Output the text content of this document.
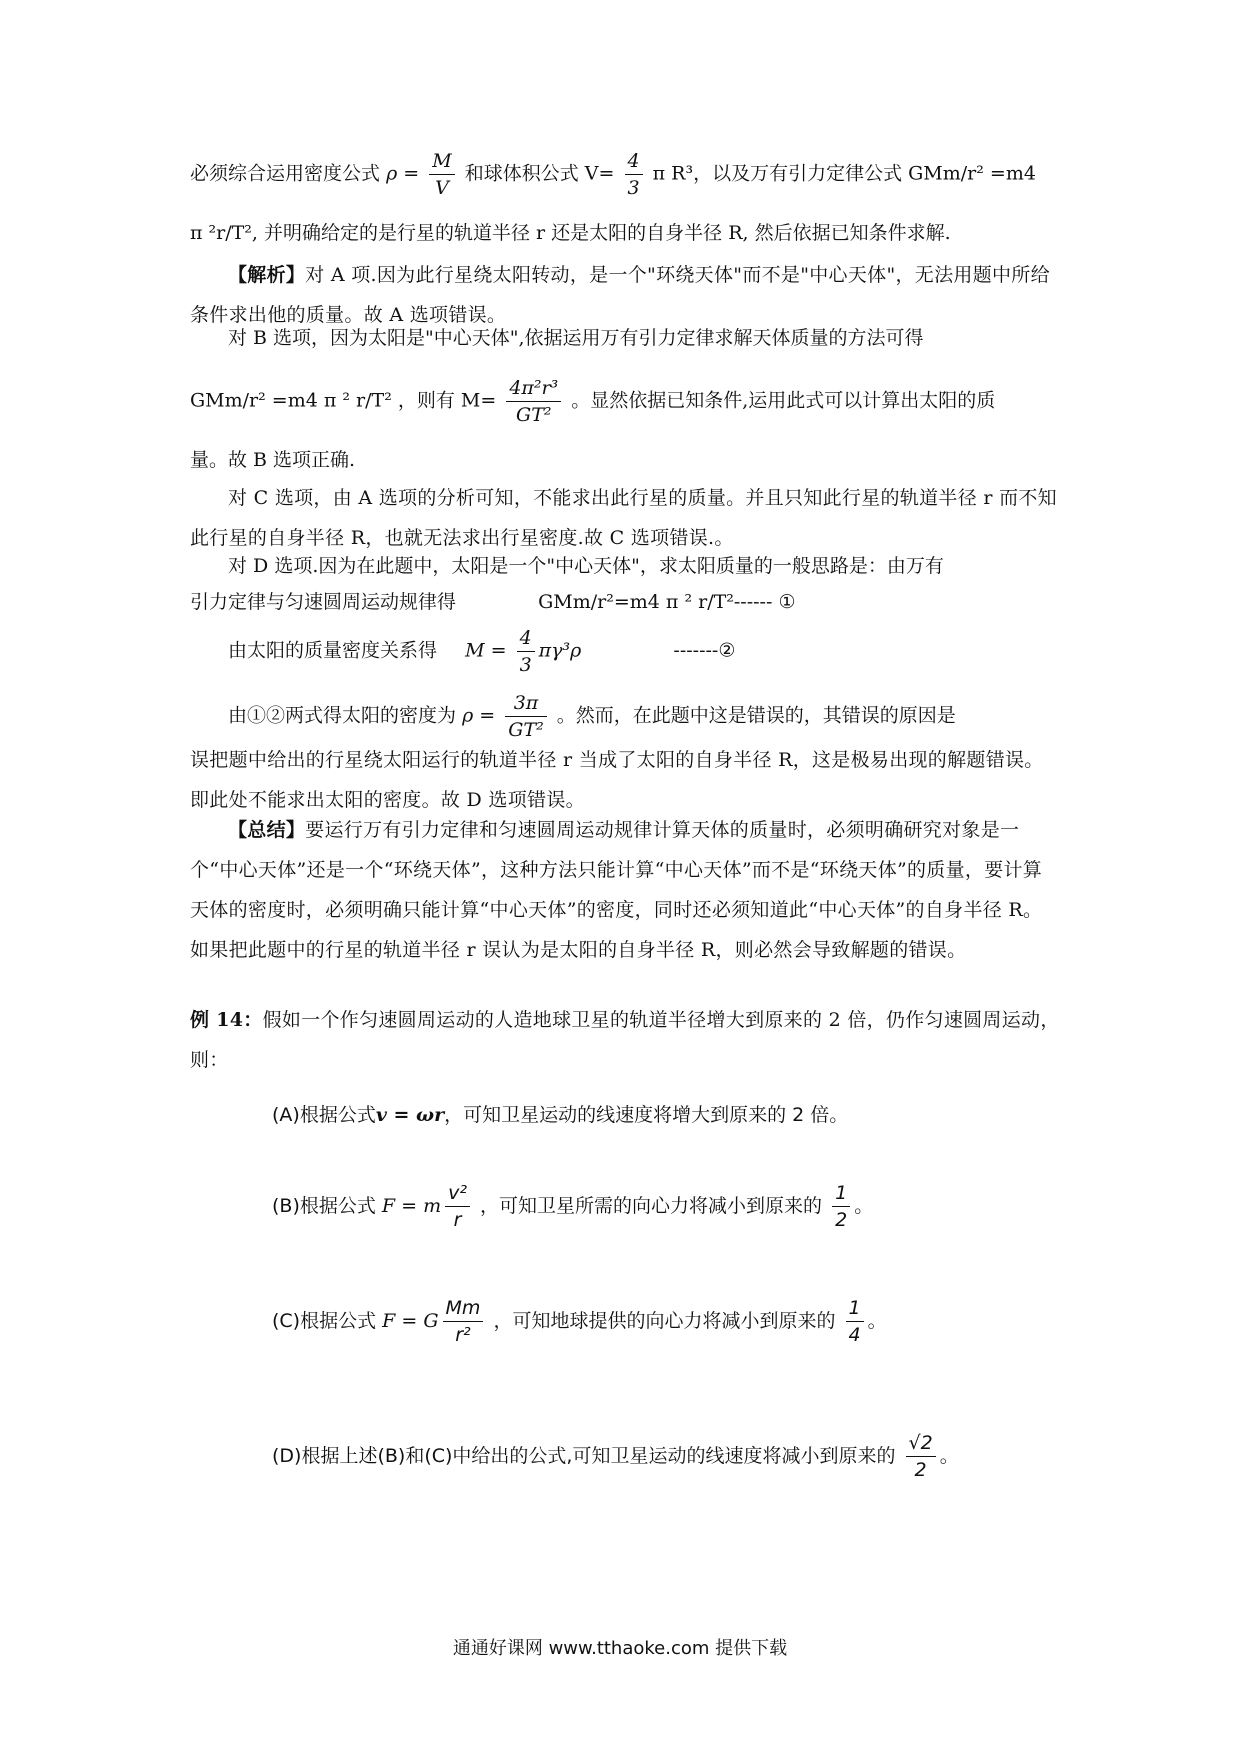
必须综合运用密度公式 $\rho = \frac{M}{V}$ 和球体积公式 $V= \frac{4}{3}$ π R³，以及万有引力定律公式 GMm/r² =m4
π ²r/T², 并明确给定的是行星的轨道半径 r 还是太阳的自身半径 R, 然后依据已知条件求解.
【解析】对 A 项.因为此行星绕太阳转动，是一个"环绕天体"而不是"中心天体"，无法用题中所给条件求出他的质量。故 A 选项错误。
对 B 选项，因为太阳是"中心天体",依据运用万有引力定律求解天体质量的方法可得
GMm/r² =m4 π ² r/T² ，则有 $M= \frac{\text{4π²r³}}{\text{GT²}}$ 。显然依据已知条件,运用此式可以计算出太阳的质
量。故 B 选项正确.
对 C 选项，由 A 选项的分析可知，不能求出此行星的质量。并且只知此行星的轨道半径 r 而不知此行星的自身半径 R，也就无法求出行星密度.故 C 选项错误.。
对 D 选项.因为在此题中，太阳是一个"中心天体"，求太阳质量的一般思路是：由万有
引力定律与匀速圆周运动规律得	GMm/r²=m4 π ² r/T²------ ①
由太阳的质量密度关系得 $M = \frac{4}{3} \pi\gamma^3\rho$	-------②
由①②两式得太阳的密度为 $\rho = \frac{3\pi}{\text{GT²}}$ 。然而，在此题中这是错误的，其错误的原因是
误把题中给出的行星绕太阳运行的轨道半径 r 当成了太阳的自身半径 R，这是极易出现的解题错误。即此处不能求出太阳的密度。故 D 选项错误。
【总结】要运行万有引力定律和匀速圆周运动规律计算天体的质量时，必须明确研究对象是一个“中心天体”还是一个“环绕天体”，这种方法只能计算“中心天体”而不是“环绕天体”的质量，要计算天体的密度时，必须明确只能计算“中心天体”的密度，同时还必须知道此“中心天体”的自身半径 R。如果把此题中的行星的轨道半径 r 误认为是太阳的自身半径 R，则必然会导致解题的错误。
例 14：假如一个作匀速圆周运动的人造地球卫星的轨道半径增大到原来的 2 倍，仍作匀速圆周运动，则：
(A)根据公式v = ωr，可知卫星运动的线速度将增大到原来的 2 倍。
(B)根据公式 F = m $\frac{\text{v²}}{r}$ ，可知卫星所需的向心力将减小到原来的 $\frac{1}{2}$ 。
(C)根据公式 F = G $\frac{Mm}{\text{r²}}$ ，可知地球提供的向心力将减小到原来的 $\frac{1}{4}$ 。
(D)根据上述(B)和(C)中给出的公式,可知卫星运动的线速度将减小到原来的 $\frac{√2}{2}$ 。
通通好课网 www.tthaoke.com 提供下载
